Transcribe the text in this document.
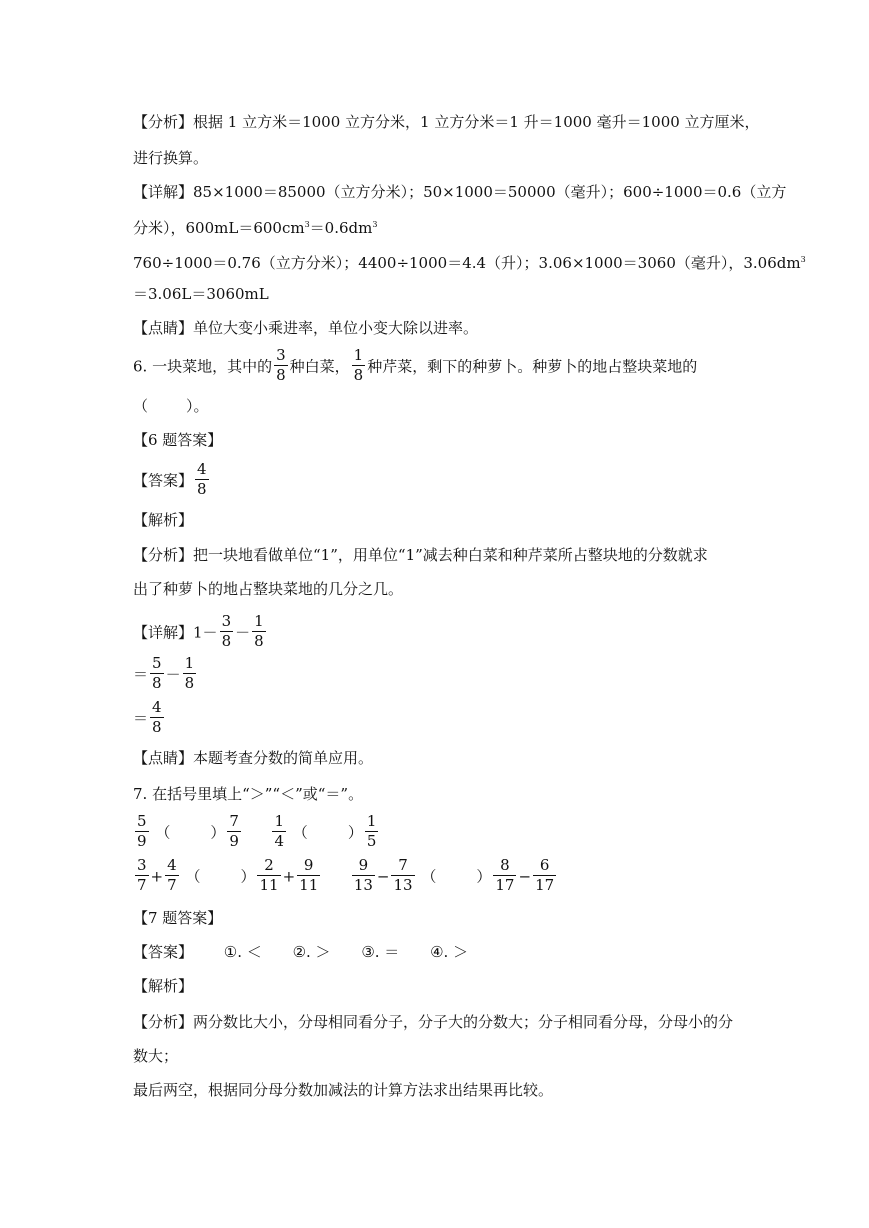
【分析】根据 1 立方米＝1000 立方分米，1 立方分米＝1 升＝1000 毫升＝1000 立方厘米，
进行换算。
【详解】85×1000＝85000（立方分米）；50×1000＝50000（毫升）；600÷1000＝0.6（立方
分米），$600mL=600cm^3=0.6dm^3$
760÷1000＝0.76（立方分米）；4400÷1000＝4.4（升）；3.06×1000＝3060（毫升），$3.06dm^3$
＝3.06L＝3060mL
【点睛】单位大变小乘进率，单位小变大除以进率。
6. 一块菜地，其中的 $\frac{3}{8}$ 种白菜， $\frac{1}{8}$ 种芹菜，剩下的种萝卜。种萝卜的地占整块菜地的
（	）。
【6 题答案】
【答案】 $\frac{4}{8}$
【解析】
【分析】把一块地看做单位“1”，用单位“1”减去种白菜和种芹菜所占整块地的分数就求
出了种萝卜的地占整块菜地的几分之几。
【详解】$1- \frac{3}{8} - \frac{1}{8}$
＝ $\frac{5}{8} - \frac{1}{8}$
＝ $\frac{4}{8}$
【点睛】本题考查分数的简单应用。
7. 在括号里填上“＞”“＜”或“＝”。
$\frac{5}{9}$ （	） $\frac{7}{9}$
$\frac{1}{4}$ （	） $\frac{1}{5}$
$\frac{3}{7} + \frac{4}{7}$ （	） $\frac{2}{11} + \frac{9}{11}$
$\frac{9}{13} - \frac{7}{13}$ （	） $\frac{8}{17} - \frac{6}{17}$
【7 题答案】
【答案】 ①. ＜ ②. ＞ ③. ＝ ④. ＞
【解析】
【分析】两分数比大小，分母相同看分子，分子大的分数大；分子相同看分母，分母小的分
数大；
最后两空，根据同分母分数加减法的计算方法求出结果再比较。
